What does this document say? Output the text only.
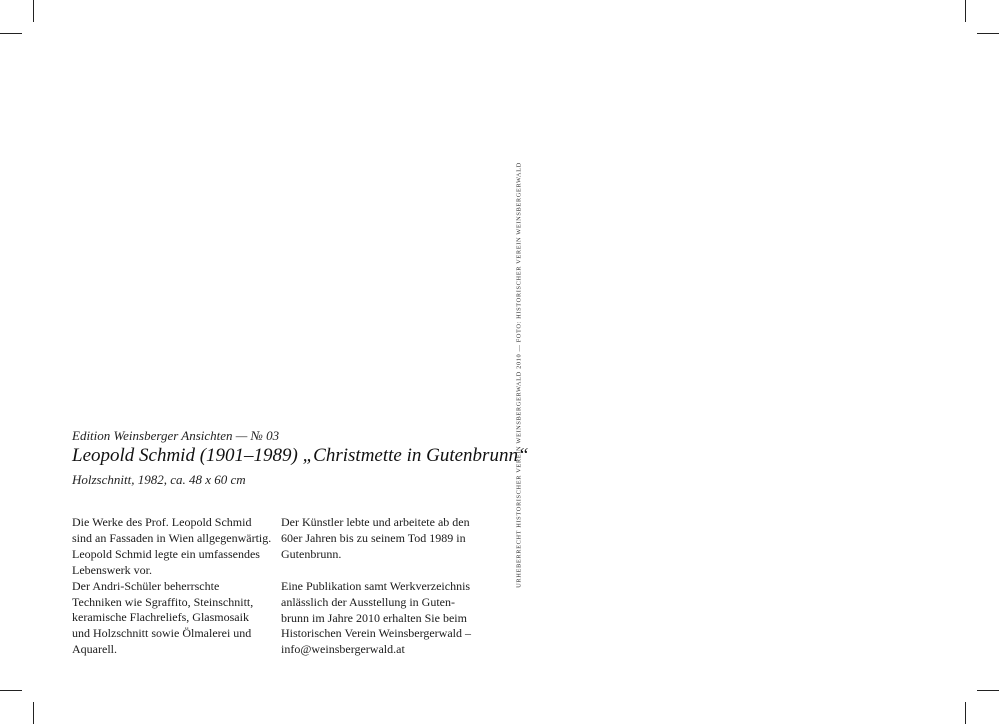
Edition Weinsberger Ansichten — № 03
Leopold Schmid (1901–1989) „Christmette in Gutenbrunn“
Holzschnitt, 1982, ca. 48 x 60 cm

Die Werke des Prof. Leopold Schmid

sind an Fassaden in Wien allgegenwärtig.

Leopold Schmid legte ein umfassendes

Lebenswerk vor.

Der Andri-Schüler beherrschte

Techniken wie Sgraffito, Steinschnitt,

keramische Flachreliefs, Glasmosaik

und Holzschnitt sowie Ölmalerei und

Aquarell.

Der Künstler lebte und arbeitete ab den

60er Jahren bis zu seinem Tod 1989 in

Gutenbrunn.

Eine Publikation samt Werkverzeichnis

anlässlich der Ausstellung in Guten-

brunn im Jahre 2010 erhalten Sie beim

Historischen Verein Weinsbergerwald –

info@weinsbergerwald.at

URHEBERRECHT HISTORISCHER VEREIN WEINSBERGERWALD 2010 — FOTO: HISTORISCHER VEREIN WEINSBERGERWALD
